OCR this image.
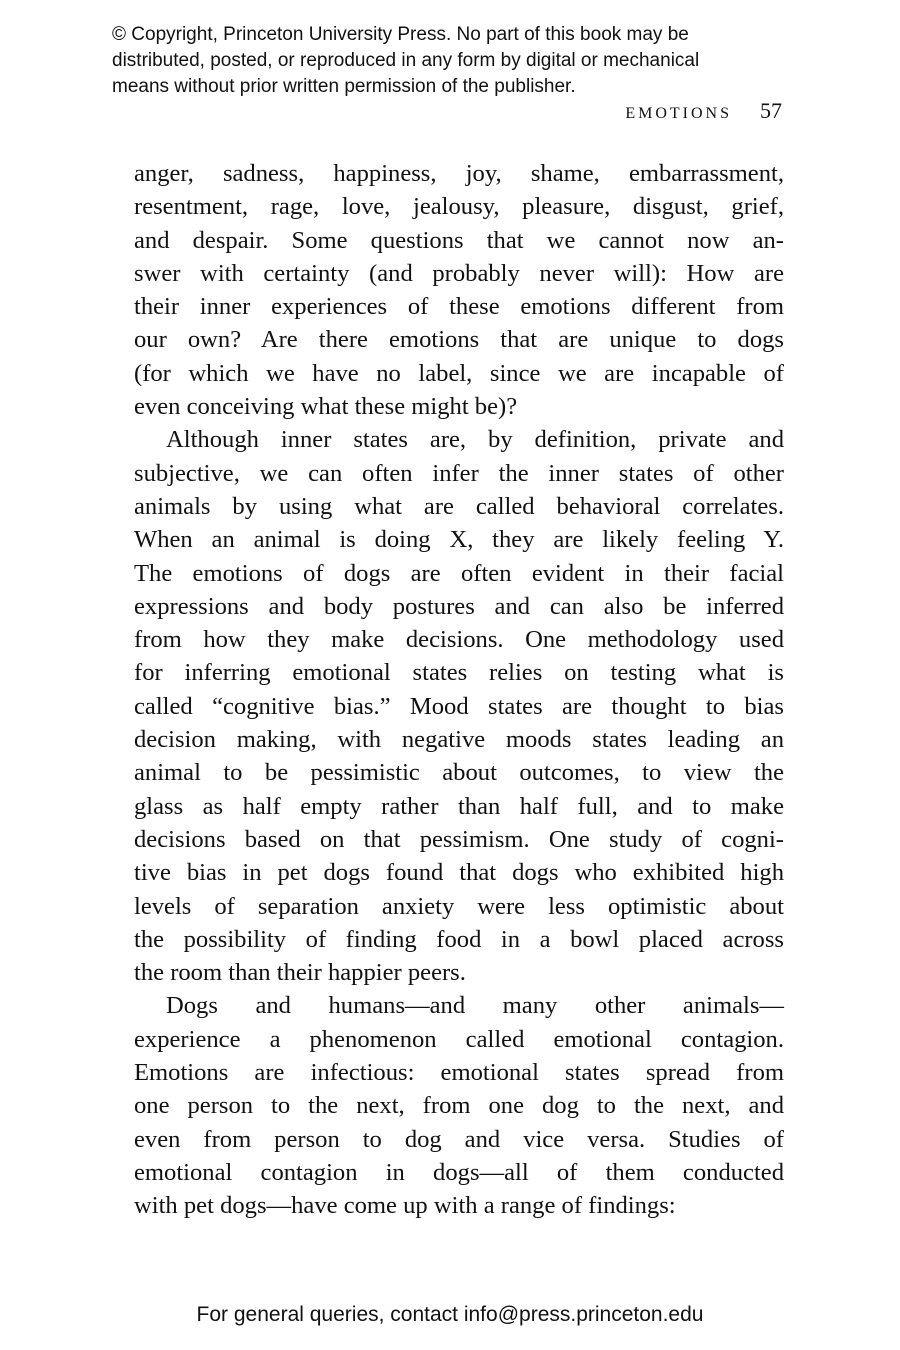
© Copyright, Princeton University Press. No part of this book may be
distributed, posted, or reproduced in any form by digital or mechanical
means without prior written permission of the publisher.
EMOTIONS 57
anger, sadness, happiness, joy, shame, embarrassment,
resentment, rage, love, jealousy, pleasure, disgust, grief,
and despair. Some questions that we cannot now an-
swer with certainty (and probably never will): How are
their inner experiences of these emotions different from
our own? Are there emotions that are unique to dogs
(for which we have no label, since we are incapable of
even conceiving what these might be)?
Although inner states are, by definition, private and
subjective, we can often infer the inner states of other
animals by using what are called behavioral correlates.
When an animal is doing X, they are likely feeling Y.
The emotions of dogs are often evident in their facial
expressions and body postures and can also be inferred
from how they make decisions. One methodology used
for inferring emotional states relies on testing what is
called “cognitive bias.” Mood states are thought to bias
decision making, with negative moods states leading an
animal to be pessimistic about outcomes, to view the
glass as half empty rather than half full, and to make
decisions based on that pessimism. One study of cogni-
tive bias in pet dogs found that dogs who exhibited high
levels of separation anxiety were less optimistic about
the possibility of finding food in a bowl placed across
the room than their happier peers.
Dogs and humans—and many other animals—
experience a phenomenon called emotional contagion.
Emotions are infectious: emotional states spread from
one person to the next, from one dog to the next, and
even from person to dog and vice versa. Studies of
emotional contagion in dogs—all of them conducted
with pet dogs—have come up with a range of findings:
For general queries, contact info@press.princeton.edu
